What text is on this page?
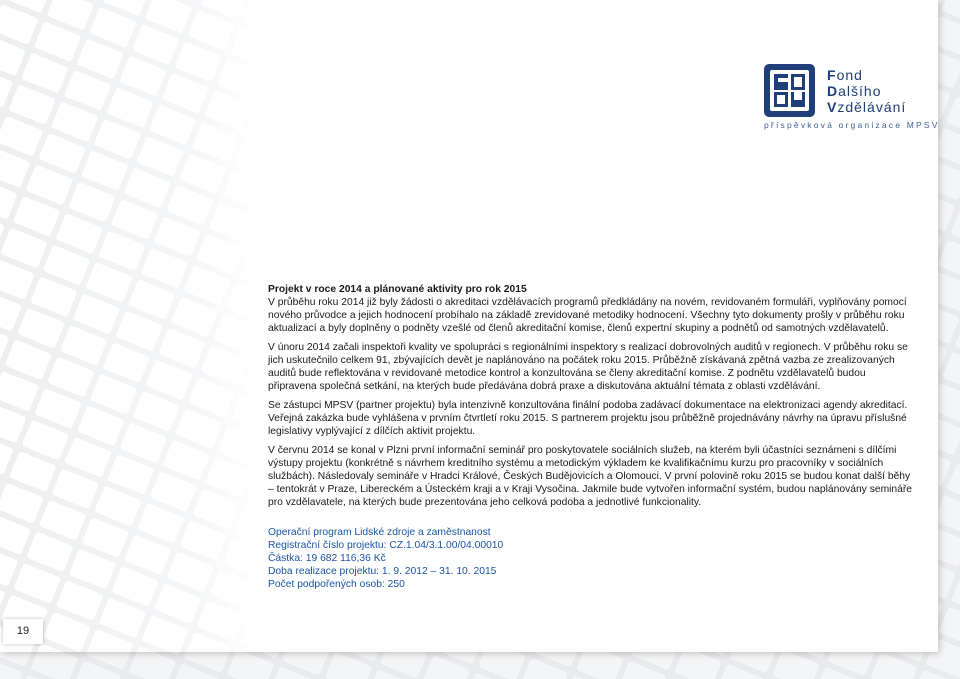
Fond
Dalšího
Vzdělávání
příspěvková organizace MPSV

Projekt v roce 2014 a plánované aktivity pro rok 2015

V průběhu roku 2014 již byly žádosti o akreditaci vzdělávacích programů předkládány na novém, revidovaném formuláři, vyplňovány pomocí nového průvodce a jejich hodnocení probíhalo na základě zrevidované metodiky hodnocení. Všechny tyto dokumenty prošly v průběhu roku aktualizací a byly doplněny o podněty vzešlé od členů akreditační komise, členů expertní skupiny a podnětů od samotných vzdělavatelů.

V únoru 2014 začali inspektoři kvality ve spolupráci s regionálními inspektory s realizací dobrovolných auditů v regionech. V průběhu roku se jich uskutečnilo celkem 91, zbývajících devět je naplánováno na počátek roku 2015. Průběžně získávaná zpětná vazba ze zrealizovaných auditů bude reflektována v revidované metodice kontrol a konzultována se členy akreditační komise. Z podnětu vzdělavatelů budou připravena společná setkání, na kterých bude předávána dobrá praxe a diskutována aktuální témata z oblasti vzdělávání.

Se zástupci MPSV (partner projektu) byla intenzivně konzultována finální podoba zadávací dokumentace na elektronizaci agendy akreditací. Veřejná zakázka bude vyhlášena v prvním čtvrtletí roku 2015. S partnerem projektu jsou průběžně projednávány návrhy na úpravu příslušné legislativy vyplývající z dílčích aktivit projektu.

V červnu 2014 se konal v Plzni první informační seminář pro poskytovatele sociálních služeb, na kterém byli účastníci seznámeni s dílčími výstupy projektu (konkrétně s návrhem kreditního systému a metodickým výkladem ke kvalifikačnímu kurzu pro pracovníky v sociálních službách). Následovaly semináře v Hradci Králové, Českých Budějovicích a Olomouci. V první polovině roku 2015 se budou konat další běhy – tentokrát v Praze, Libereckém a Ústeckém kraji a v Kraji Vysočina. Jakmile bude vytvořen informační systém, budou naplánovány semináře pro vzdělavatele, na kterých bude prezentována jeho celková podoba a jednotlivé funkcionality.

Operační program Lidské zdroje a zaměstnanost
Registrační číslo projektu: CZ.1.04/3.1.00/04.00010
Částka: 19 682 116,36 Kč
Doba realizace projektu: 1. 9. 2012 – 31. 10. 2015
Počet podpořených osob: 250
19
